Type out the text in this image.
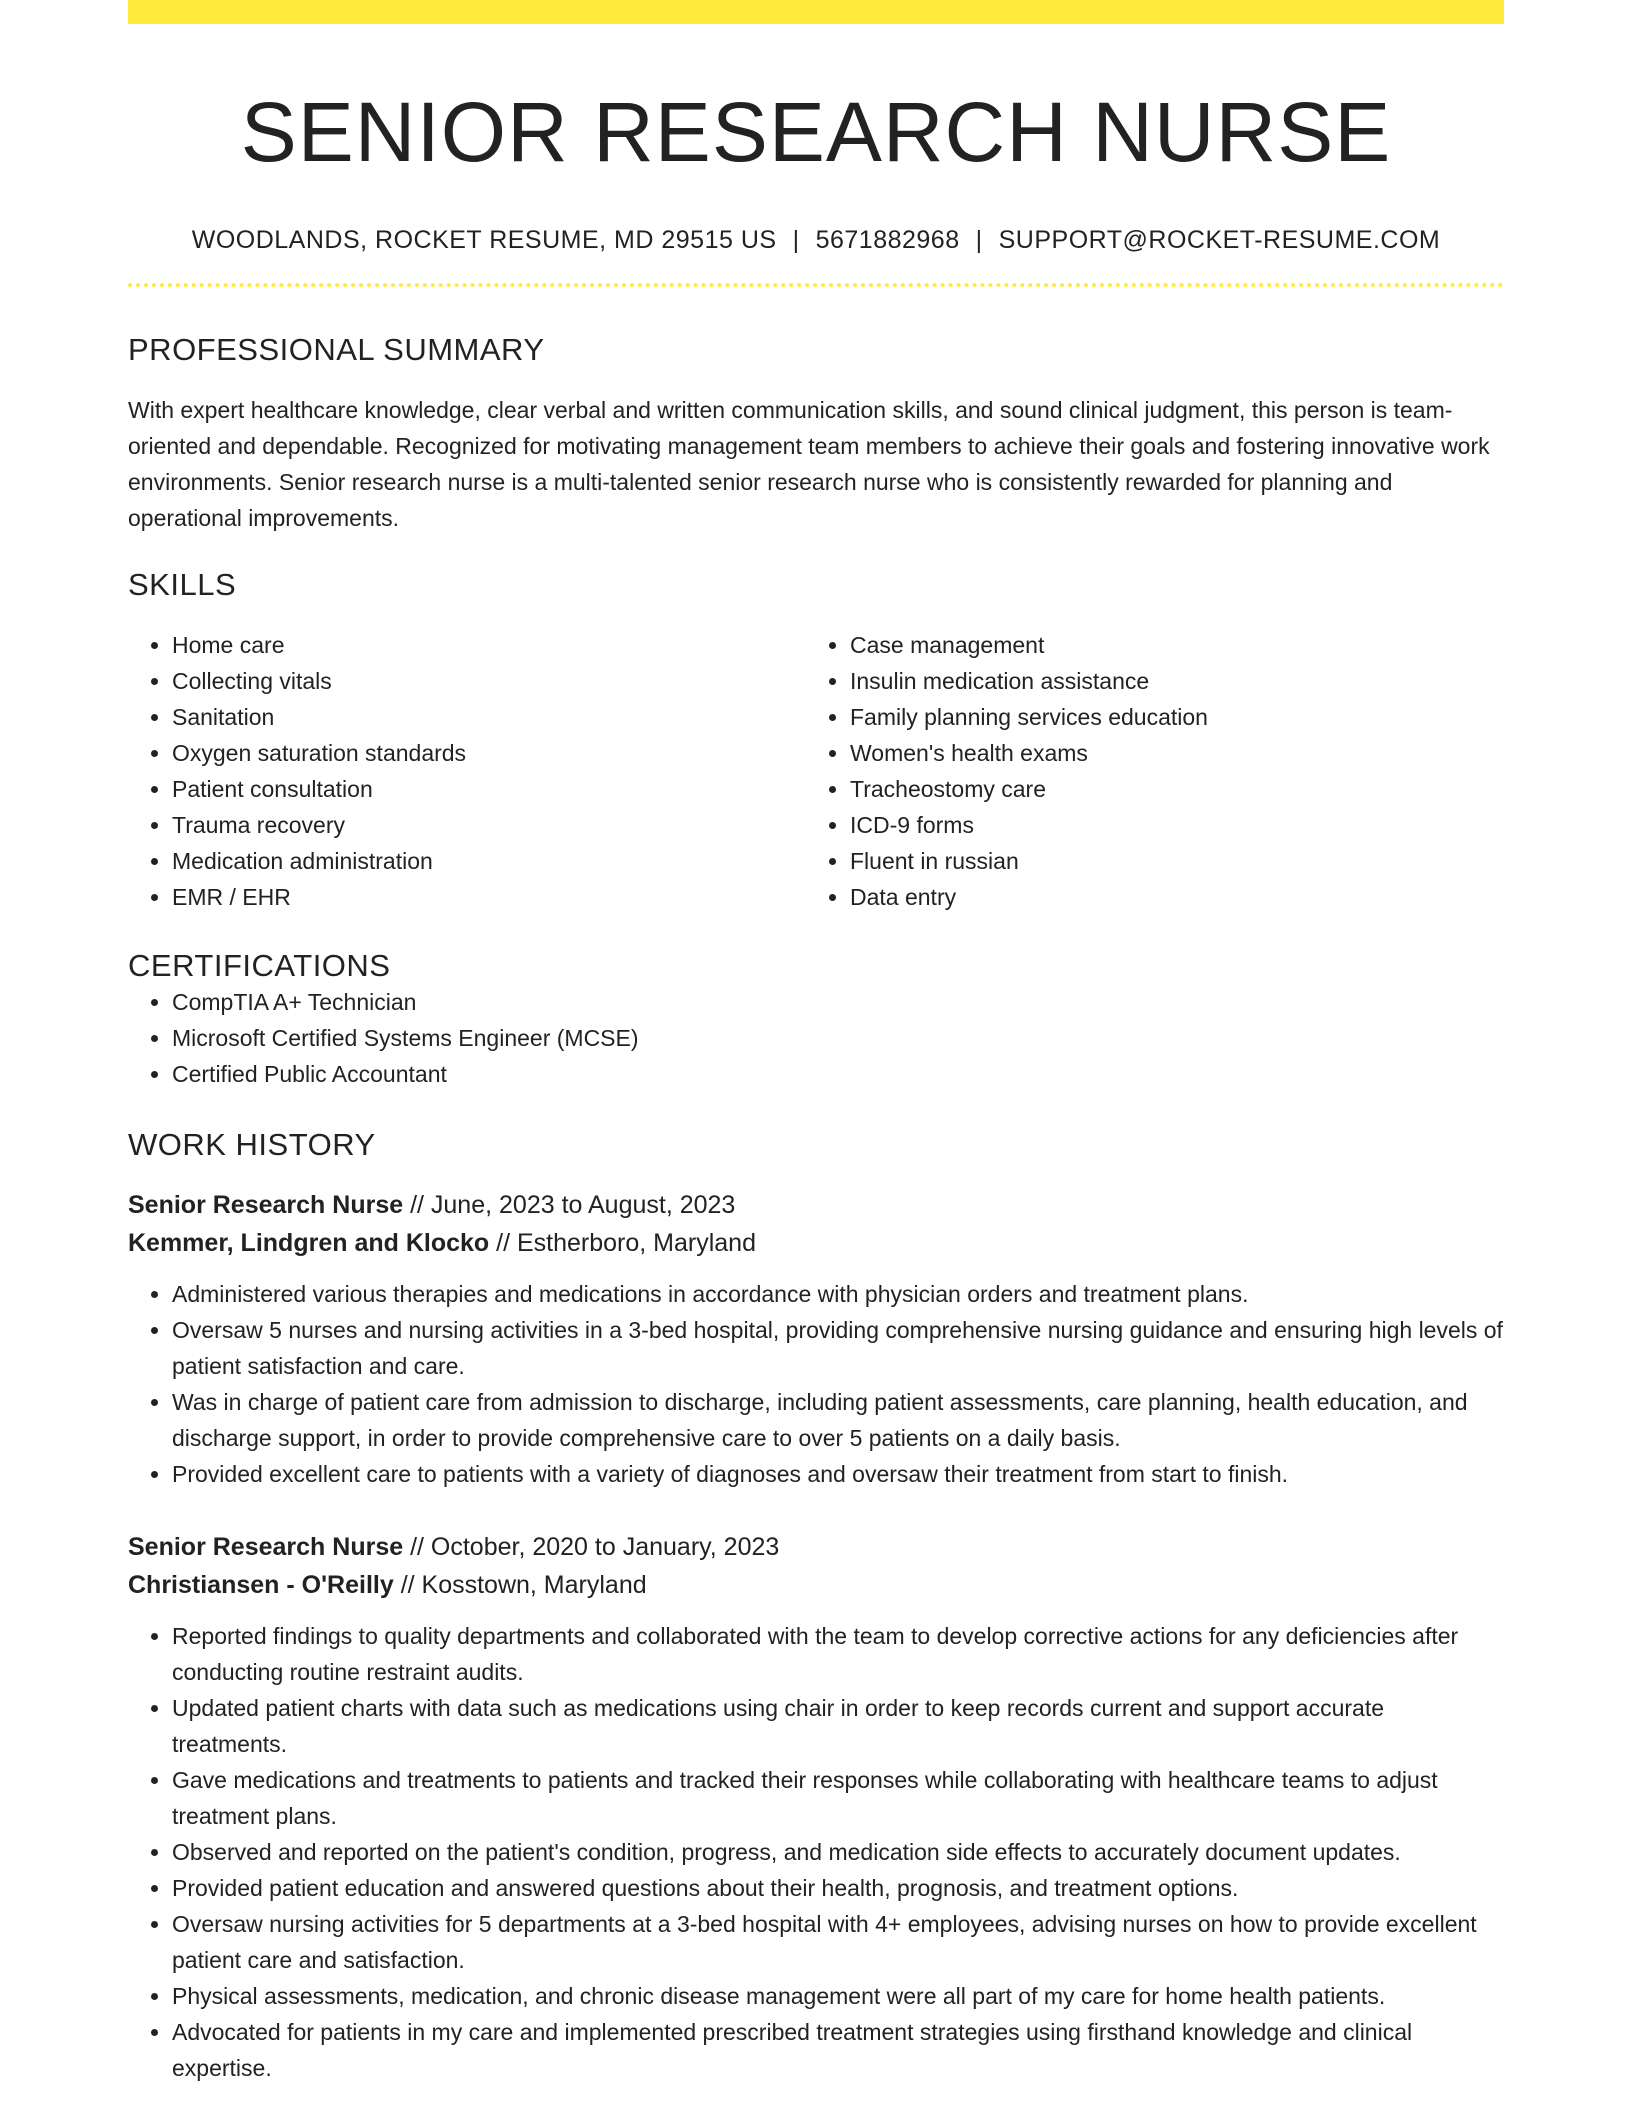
SENIOR RESEARCH NURSE
WOODLANDS, ROCKET RESUME, MD 29515 US | 5671882968 | SUPPORT@ROCKET-RESUME.COM
PROFESSIONAL SUMMARY

With expert healthcare knowledge, clear verbal and written communication skills, and sound clinical judgment, this person is team-oriented and dependable. Recognized for motivating management team members to achieve their goals and fostering innovative work environments. Senior research nurse is a multi-talented senior research nurse who is consistently rewarded for planning and operational improvements.

SKILLS
• Home care
• Collecting vitals
• Sanitation
• Oxygen saturation standards
• Patient consultation
• Trauma recovery
• Medication administration
• EMR / EHR
• Case management
• Insulin medication assistance
• Family planning services education
• Women's health exams
• Tracheostomy care
• ICD-9 forms
• Fluent in russian
• Data entry
CERTIFICATIONS
• CompTIA A+ Technician
• Microsoft Certified Systems Engineer (MCSE)
• Certified Public Accountant
WORK HISTORY
Senior Research Nurse // June, 2023 to August, 2023
Kemmer, Lindgren and Klocko // Estherboro, Maryland
• Administered various therapies and medications in accordance with physician orders and treatment plans.
• Oversaw 5 nurses and nursing activities in a 3-bed hospital, providing comprehensive nursing guidance and ensuring high levels of patient satisfaction and care.
• Was in charge of patient care from admission to discharge, including patient assessments, care planning, health education, and discharge support, in order to provide comprehensive care to over 5 patients on a daily basis.
• Provided excellent care to patients with a variety of diagnoses and oversaw their treatment from start to finish.
Senior Research Nurse // October, 2020 to January, 2023
Christiansen - O'Reilly // Kosstown, Maryland
• Reported findings to quality departments and collaborated with the team to develop corrective actions for any deficiencies after conducting routine restraint audits.
• Updated patient charts with data such as medications using chair in order to keep records current and support accurate treatments.
• Gave medications and treatments to patients and tracked their responses while collaborating with healthcare teams to adjust treatment plans.
• Observed and reported on the patient's condition, progress, and medication side effects to accurately document updates.
• Provided patient education and answered questions about their health, prognosis, and treatment options.
• Oversaw nursing activities for 5 departments at a 3-bed hospital with 4+ employees, advising nurses on how to provide excellent patient care and satisfaction.
• Physical assessments, medication, and chronic disease management were all part of my care for home health patients.
• Advocated for patients in my care and implemented prescribed treatment strategies using firsthand knowledge and clinical expertise.
